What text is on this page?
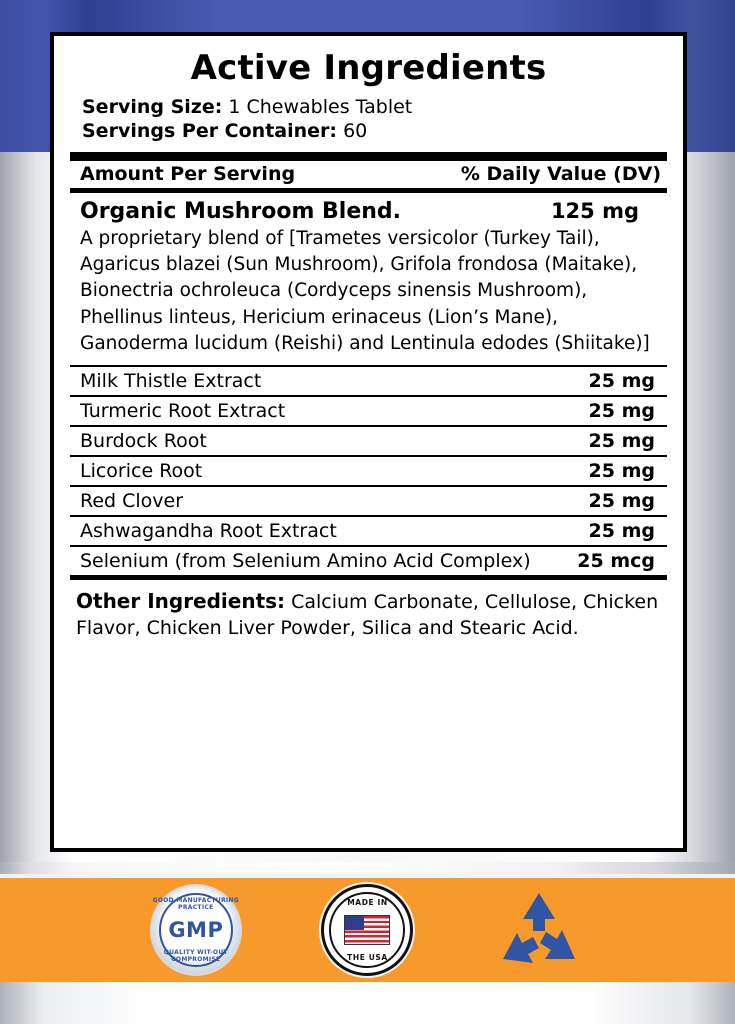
Active Ingredients
Serving Size: 1 Chewables Tablet
Servings Per Container: 60
Amount Per Serving	% Daily Value (DV)
Organic Mushroom Blend.	125 mg
A proprietary blend of [Trametes versicolor (Turkey Tail), Agaricus blazei (Sun Mushroom), Grifola frondosa (Maitake), Bionectria ochroleuca (Cordyceps sinensis Mushroom), Phellinus linteus, Hericium erinaceus (Lion’s Mane), Ganoderma lucidum (Reishi) and Lentinula edodes (Shiitake)]
Milk Thistle Extract	25 mg
Turmeric Root Extract	25 mg
Burdock Root	25 mg
Licorice Root	25 mg
Red Clover	25 mg
Ashwagandha Root Extract	25 mg
Selenium (from Selenium Amino Acid Complex) 25 mcg
Other Ingredients: Calcium Carbonate, Cellulose, Chicken Flavor, Chicken Liver Powder, Silica and Stearic Acid.
GOOD MANUFACTURING PRACTICE
GMP
QUALITY WIT-OUT COMPROMISE
MADE IN
THE USA
